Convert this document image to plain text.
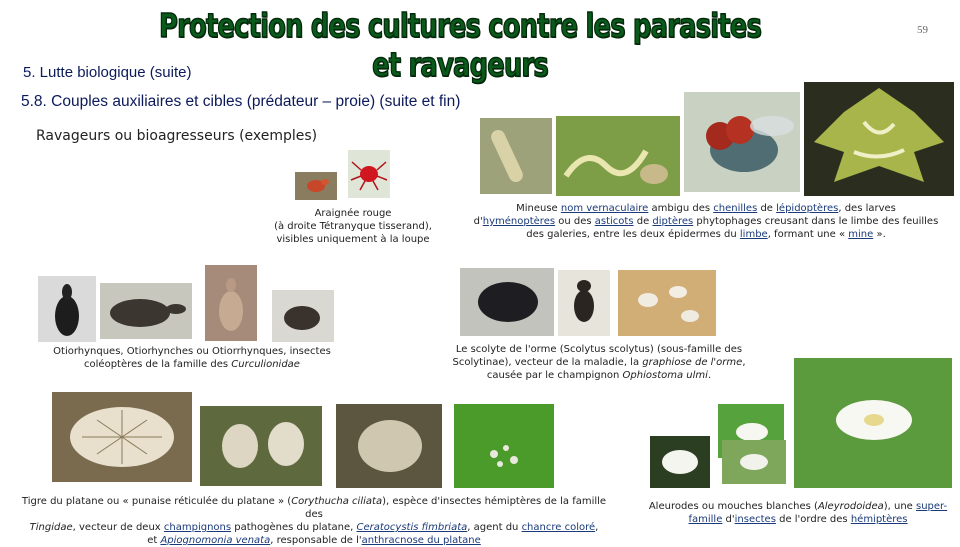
Protection des cultures contre les parasites et ravageurs
59
5. Lutte biologique (suite)
5.8. Couples auxiliaires et cibles (prédateur – proie) (suite et fin)
Ravageurs ou bioagresseurs (exemples)
Araignée rouge
(à droite Tétranyque tisserand),
visibles uniquement à la loupe
Mineuse nom vernaculaire ambigu des chenilles de lépidoptères, des larves
d'hyménoptères ou des asticots de diptères phytophages creusant dans le limbe des feuilles
des galeries, entre les deux épidermes du limbe, formant une « mine ».
Otiorhynques, Otiorhynches ou Otiorrhynques, insectes
coléoptères de la famille des Curculionidae
Le scolyte de l'orme (Scolytus scolytus) (sous-famille des
Scolytinae), vecteur de la maladie, la graphiose de l'orme,
causée par le champignon Ophiostoma ulmi.
Tigre du platane ou « punaise réticulée du platane » (Corythucha ciliata), espèce d'insectes hémiptères de la famille des
Tingidae, vecteur de deux champignons pathogènes du platane, Ceratocystis fimbriata, agent du chancre coloré,
et Apiognomonia venata, responsable de l'anthracnose du platane
Aleurodes ou mouches blanches (Aleyrodoidea), une super-
famille d'insectes de l'ordre des hémiptères
